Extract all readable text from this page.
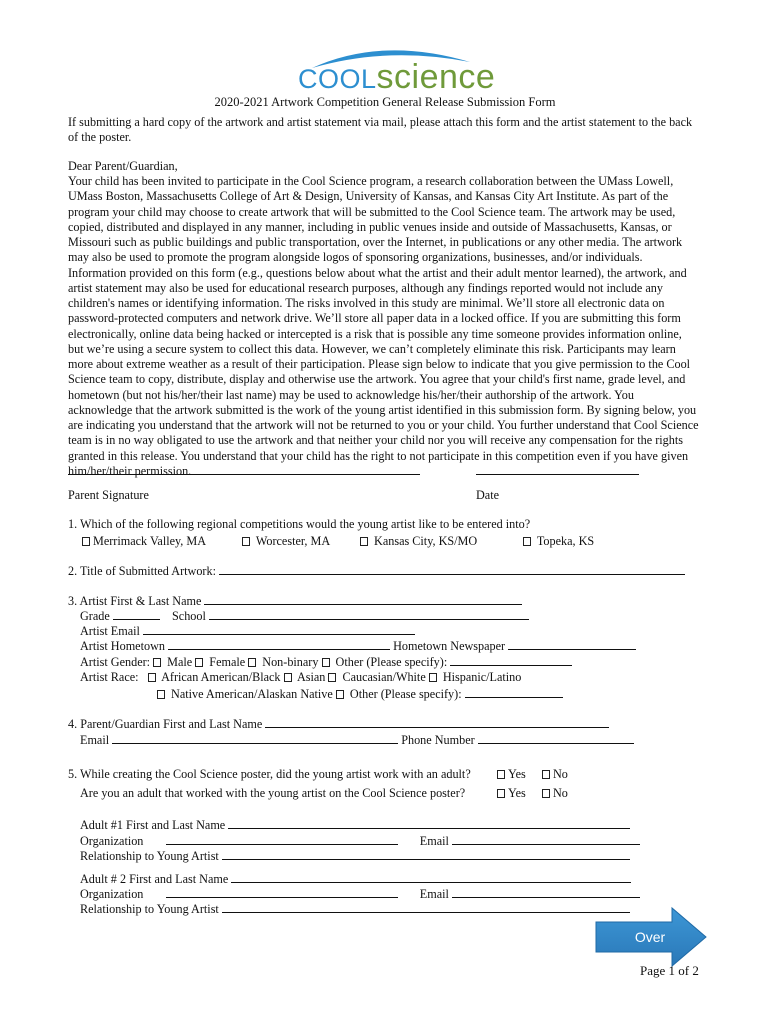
COOLscience
2020-2021 Artwork Competition General Release Submission Form
If submitting a hard copy of the artwork and artist statement via mail, please attach this form and the artist statement to the back of the poster.
Dear Parent/Guardian,
Your child has been invited to participate in the Cool Science program, a research collaboration between the UMass Lowell, UMass Boston, Massachusetts College of Art & Design, University of Kansas, and Kansas City Art Institute. As part of the program your child may choose to create artwork that will be submitted to the Cool Science team. The artwork may be used, copied, distributed and displayed in any manner, including in public venues inside and outside of Massachusetts, Kansas, or Missouri such as public buildings and public transportation, over the Internet, in publications or any other media. The artwork may also be used to promote the program alongside logos of sponsoring organizations, businesses, and/or individuals. Information provided on this form (e.g., questions below about what the artist and their adult mentor learned), the artwork, and artist statement may also be used for educational research purposes, although any findings reported would not include any children's names or identifying information. The risks involved in this study are minimal. We’ll store all electronic data on password-protected computers and network drive. We’ll store all paper data in a locked office. If you are submitting this form electronically, online data being hacked or intercepted is a risk that is possible any time someone provides information online, but we’re using a secure system to collect this data. However, we can’t completely eliminate this risk. Participants may learn more about extreme weather as a result of their participation. Please sign below to indicate that you give permission to the Cool Science team to copy, distribute, display and otherwise use the artwork. You agree that your child's first name, grade level, and hometown (but not his/her/their last name) may be used to acknowledge his/her/their authorship of the artwork. You acknowledge that the artwork submitted is the work of the young artist identified in this submission form. By signing below, you are indicating you understand that the artwork will not be returned to you or your child. You further understand that Cool Science team is in no way obligated to use the artwork and that neither your child nor you will receive any compensation for the rights granted in this release. You understand that your child has the right to not participate in this competition even if you have given him/her/their permission.
Parent Signature	Date
1. Which of the following regional competitions would the young artist like to be entered into?
Merrimack Valley, MA	Worcester, MA	Kansas City, KS/MO	Topeka, KS
2. Title of Submitted Artwork:
3. Artist First & Last Name
Grade	School
Artist Email
Artist Hometown	Hometown Newspaper
Artist Gender: Male Female Non-binary Other (Please specify):
Artist Race: African American/Black Asian Caucasian/White Hispanic/Latino
Native American/Alaskan Native Other (Please specify):
4. Parent/Guardian First and Last Name
Email	Phone Number
5. While creating the Cool Science poster, did the young artist work with an adult?	Yes	No
Are you an adult that worked with the young artist on the Cool Science poster?	Yes	No
Adult #1 First and Last Name
Organization	Email
Relationship to Young Artist
Adult # 2 First and Last Name
Organization	Email
Relationship to Young Artist
Over
Page 1 of 2
